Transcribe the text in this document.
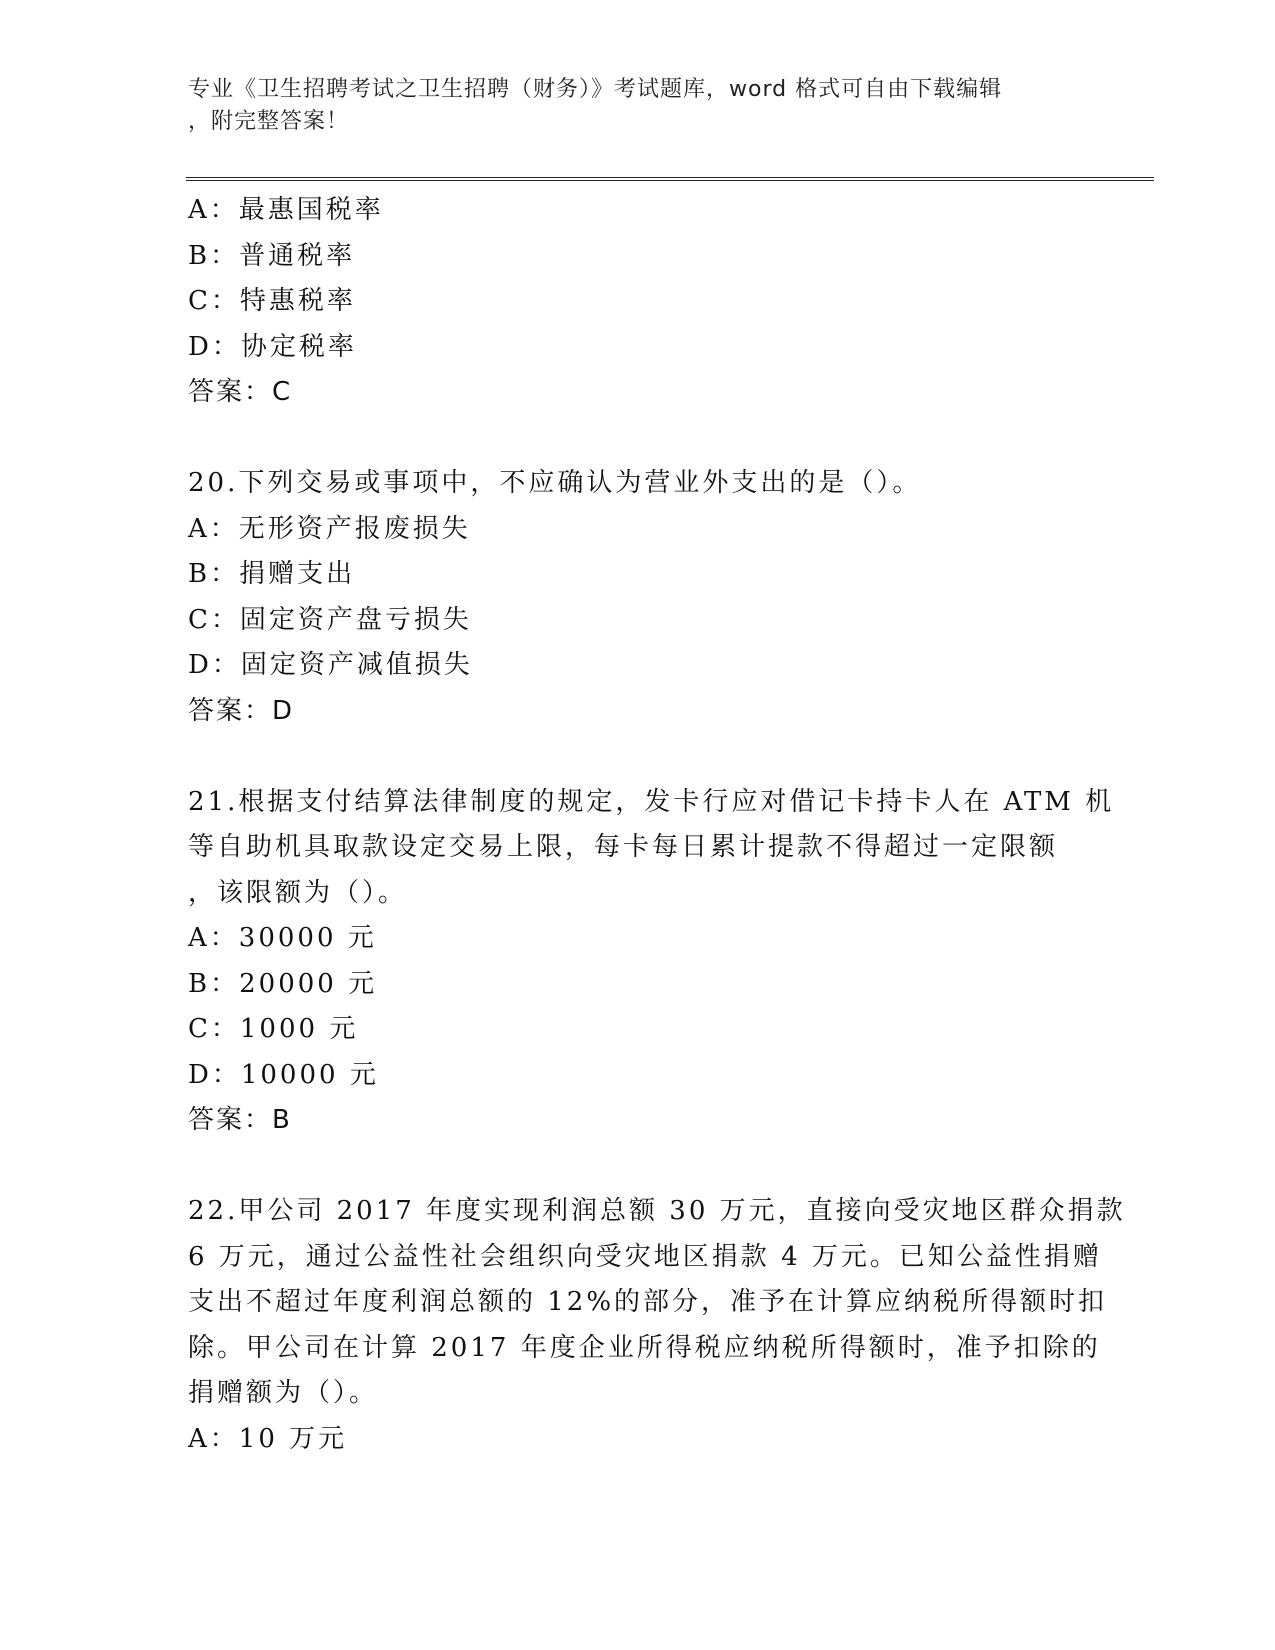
专业《卫生招聘考试之卫生招聘（财务）》考试题库，word 格式可自由下载编辑
，附完整答案！
A：最惠国税率
B：普通税率
C：特惠税率
D：协定税率
答案：C
20.下列交易或事项中，不应确认为营业外支出的是（）。
A：无形资产报废损失
B：捐赠支出
C：固定资产盘亏损失
D：固定资产减值损失
答案：D
21.根据支付结算法律制度的规定，发卡行应对借记卡持卡人在 ATM 机
等自助机具取款设定交易上限，每卡每日累计提款不得超过一定限额
，该限额为（）。
A：30000 元
B：20000 元
C：1000 元
D：10000 元
答案：B
22.甲公司 2017 年度实现利润总额 30 万元，直接向受灾地区群众捐款
6 万元，通过公益性社会组织向受灾地区捐款 4 万元。已知公益性捐赠
支出不超过年度利润总额的 12%的部分，准予在计算应纳税所得额时扣
除。甲公司在计算 2017 年度企业所得税应纳税所得额时，准予扣除的
捐赠额为（）。
A：10 万元
